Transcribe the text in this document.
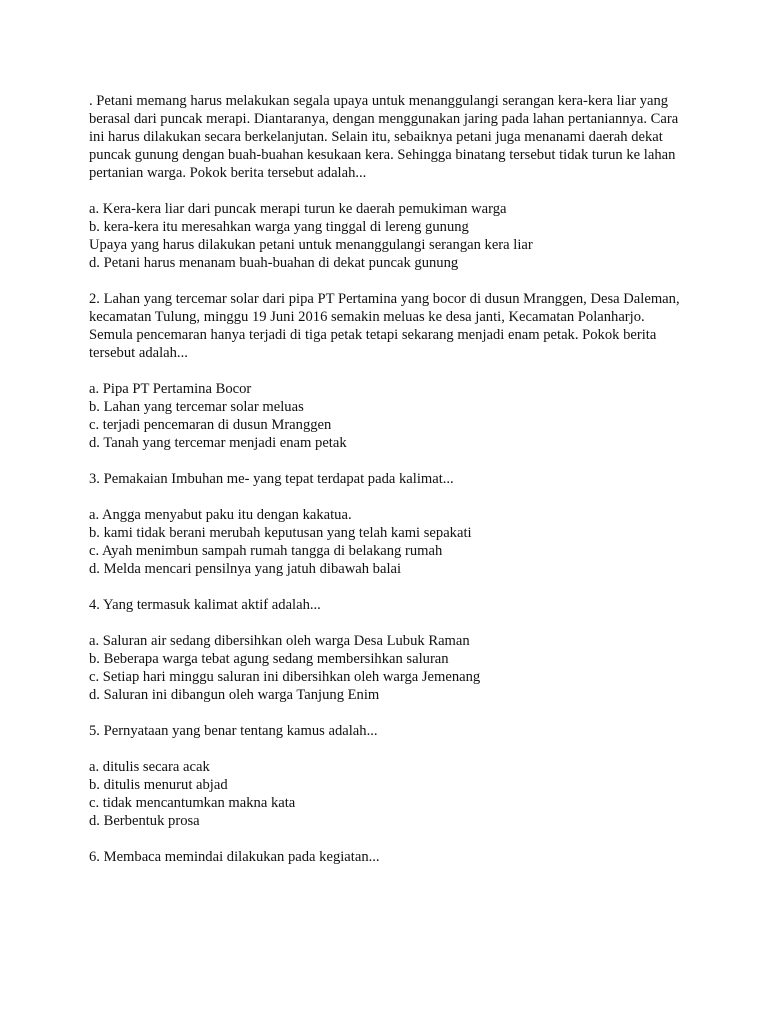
. Petani memang harus melakukan segala upaya untuk menanggulangi serangan kera-kera liar yang berasal dari puncak merapi. Diantaranya, dengan menggunakan jaring pada lahan pertaniannya. Cara ini harus dilakukan secara berkelanjutan. Selain itu, sebaiknya petani juga menanami daerah dekat puncak gunung dengan buah-buahan kesukaan kera. Sehingga binatang tersebut tidak turun ke lahan pertanian warga. Pokok berita tersebut adalah...

a. Kera-kera liar dari puncak merapi turun ke daerah pemukiman warga
b. kera-kera itu meresahkan warga yang tinggal di lereng gunung
Upaya yang harus dilakukan petani untuk menanggulangi serangan kera liar
d. Petani harus menanam buah-buahan di dekat puncak gunung

2. Lahan yang tercemar solar dari pipa PT Pertamina yang bocor di dusun Mranggen, Desa Daleman, kecamatan Tulung, minggu 19 Juni 2016 semakin meluas ke desa janti, Kecamatan Polanharjo. Semula pencemaran hanya terjadi di tiga petak tetapi sekarang menjadi enam petak. Pokok berita tersebut adalah...

a. Pipa PT Pertamina Bocor
b. Lahan yang tercemar solar meluas
c. terjadi pencemaran di dusun Mranggen
d. Tanah yang tercemar menjadi enam petak

3. Pemakaian Imbuhan me- yang tepat terdapat pada kalimat...

a. Angga menyabut paku itu dengan kakatua.
b. kami tidak berani merubah keputusan yang telah kami sepakati
c. Ayah menimbun sampah rumah tangga di belakang rumah
d. Melda mencari pensilnya yang jatuh dibawah balai

4. Yang termasuk kalimat aktif adalah...

a. Saluran air sedang dibersihkan oleh warga Desa Lubuk Raman
b. Beberapa warga tebat agung sedang membersihkan saluran
c. Setiap hari minggu saluran ini dibersihkan oleh warga Jemenang
d. Saluran ini dibangun oleh warga Tanjung Enim

5. Pernyataan yang benar tentang kamus adalah...

a. ditulis secara acak
b. ditulis menurut abjad
c. tidak mencantumkan makna kata
d. Berbentuk prosa

6. Membaca memindai dilakukan pada kegiatan...
